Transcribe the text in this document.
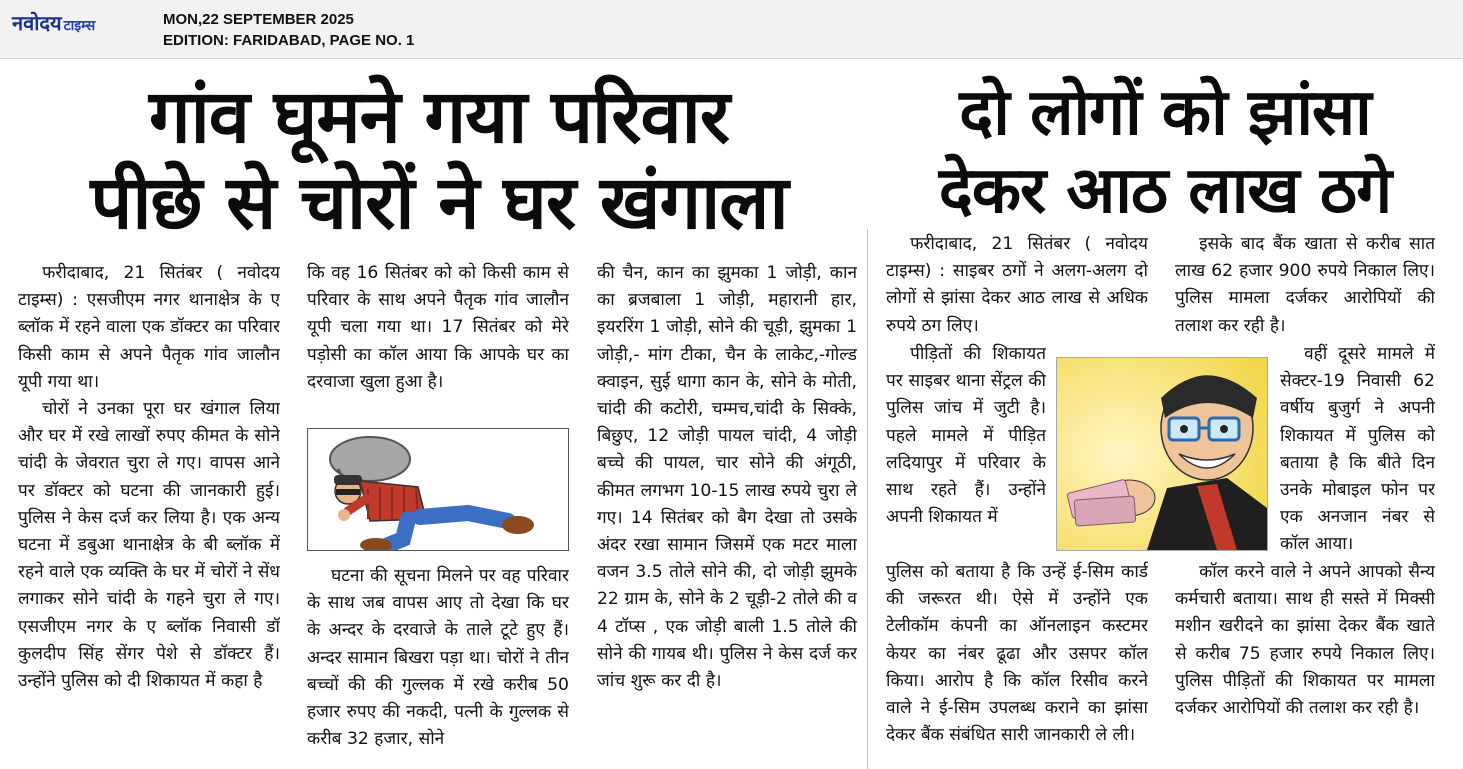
नवोदय टाइम्स	MON,22 SEPTEMBER 2025
EDITION: FARIDABAD, PAGE NO. 1
गांव घूमने गया परिवार
पीछे से चोरों ने घर खंगाला
दो लोगों को झांसा
देकर आठ लाख ठगे

फरीदाबाद, 21 सितंबर ( नवोदय टाइम्स) : एसजीएम नगर थानाक्षेत्र के ए ब्लॉक में रहने वाला एक डॉक्टर का परिवार किसी काम से अपने पैतृक गांव जालौन यूपी गया था।

चोरों ने उनका पूरा घर खंगाल लिया और घर में रखे लाखों रुपए कीमत के सोने चांदी के जेवरात चुरा ले गए। वापस आने पर डॉक्टर को घटना की जानकारी हुई। पुलिस ने केस दर्ज कर लिया है। एक अन्य घटना में डबुआ थानाक्षेत्र के बी ब्लॉक में रहने वाले एक व्यक्ति के घर में चोरों ने सेंध लगाकर सोने चांदी के गहने चुरा ले गए। एसजीएम नगर के ए ब्लॉक निवासी डॉ कुलदीप सिंह सेंगर पेशे से डॉक्टर हैं। उन्होंने पुलिस को दी शिकायत में कहा है

कि वह 16 सितंबर को को किसी काम से परिवार के साथ अपने पैतृक गांव जालौन यूपी चला गया था। 17 सितंबर को मेरे पड़ोसी का कॉल आया कि आपके घर का दरवाजा खुला हुआ है।

घटना की सूचना मिलने पर वह परिवार के साथ जब वापस आए तो देखा कि घर के अन्दर के दरवाजे के ताले टूटे हुए हैं। अन्दर सामान बिखरा पड़ा था। चोरों ने तीन बच्चों की की गुल्लक में रखे करीब 50 हजार रुपए की नकदी, पत्नी के गुल्लक से करीब 32 हजार, सोने

की चैन, कान का झुमका 1 जोड़ी, कान का ब्रजबाला 1 जोड़ी, महारानी हार, इयररिंग 1 जोड़ी, सोने की चूड़ी, झुमका 1 जोड़ी,- मांग टीका, चैन के लाकेट,-गोल्ड क्वाइन, सुई धागा कान के, सोने के मोती, चांदी की कटोरी, चम्मच,चांदी के सिक्के, बिछुए, 12 जोड़ी पायल चांदी, 4 जोड़ी बच्चे की पायल, चार सोने की अंगूठी, कीमत लगभग 10-15 लाख रुपये चुरा ले गए। 14 सितंबर को बैग देखा तो उसके अंदर रखा सामान जिसमें एक मटर माला वजन 3.5 तोले सोने की, दो जोड़ी झुमके 22 ग्राम के, सोने के 2 चूड़ी-2 तोले की व 4 टॉप्स , एक जोड़ी बाली 1.5 तोले की सोने की गायब थी। पुलिस ने केस दर्ज कर जांच शुरू कर दी है।

फरीदाबाद, 21 सितंबर ( नवोदय टाइम्स) : साइबर ठगों ने अलग-अलग दो लोगों से झांसा देकर आठ लाख से अधिक रुपये ठग लिए।

पीड़ितों की शिकायत पर साइबर थाना सेंट्रल की पुलिस जांच में जुटी है। पहले मामले में पीड़ित लदियापुर में परिवार के साथ रहते हैं। उन्होंने अपनी शिकायत में

पुलिस को बताया है कि उन्हें ई-सिम कार्ड की जरूरत थी। ऐसे में उन्होंने एक टेलीकॉम कंपनी का ऑनलाइन कस्टमर केयर का नंबर ढूढा और उसपर कॉल किया। आरोप है कि कॉल रिसीव करने वाले ने ई-सिम उपलब्ध कराने का झांसा देकर बैंक संबंधित सारी जानकारी ले ली।

इसके बाद बैंक खाता से करीब सात लाख 62 हजार 900 रुपये निकाल लिए। पुलिस मामला दर्जकर आरोपियों की तलाश कर रही है।

वहीं दूसरे मामले में सेक्टर-19 निवासी 62 वर्षीय बुजुर्ग ने अपनी शिकायत में पुलिस को बताया है कि बीते दिन उनके मोबाइल फोन पर एक अनजान नंबर से कॉल आया।

कॉल करने वाले ने अपने आपको सैन्य कर्मचारी बताया। साथ ही सस्ते में मिक्सी मशीन खरीदने का झांसा देकर बैंक खाते से करीब 75 हजार रुपये निकाल लिए। पुलिस पीड़ितों की शिकायत पर मामला दर्जकर आरोपियों की तलाश कर रही है।
